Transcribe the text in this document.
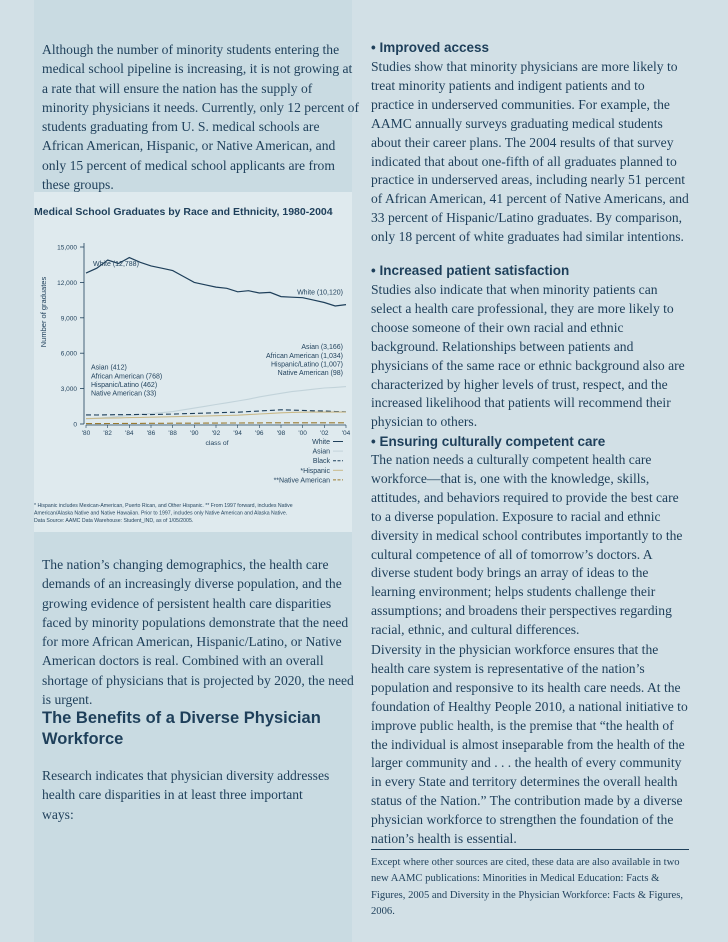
Although the number of minority students entering the medical school pipeline is increasing, it is not growing at a rate that will ensure the nation has the supply of minority physicians it needs. Currently, only 12 percent of students graduating from U. S. medical schools are African American, Hispanic, or Native American, and only 15 percent of medical school applicants are from these groups.

Medical School Graduates by Race and Ethnicity, 1980-2004
Number of graduates
15,000
12,000
9,000
6,000
3,000
0
'80 '82 '84 '86 '88 '90 '92 '94 '96 '98 '00 '02 '04
class of
White (12,788)
White (10,120)
Asian (3,166)
African American (1,034)
Hispanic/Latino (1,007)
Native American (98)
Asian (412)
African American (768)
Hispanic/Latino (462)
Native American (33)
White
Asian
Black
*Hispanic
**Native American
* Hispanic includes Mexican-American, Puerto Rican, and Other Hispanic. ** From 1997 forward, includes Native
American/Alaska Native and Native Hawaiian. Prior to 1997, includes only Native American and Alaska Native.
Data Source: AAMC Data Warehouse: Student_IND, as of 1/05/2005.

The nation’s changing demographics, the health care demands of an increasingly diverse population, and the growing evidence of persistent health care disparities faced by minority populations demonstrate that the need for more African American, Hispanic/Latino, or Native American doctors is real. Combined with an overall shortage of physicians that is projected by 2020, the need is urgent.

The Benefits of a Diverse Physician Workforce

Research indicates that physician diversity addresses health care disparities in at least three important ways:

• Improved access

Studies show that minority physicians are more likely to treat minority patients and indigent patients and to practice in underserved communities. For example, the AAMC annually surveys graduating medical students about their career plans. The 2004 results of that survey indicated that about one-fifth of all graduates planned to practice in underserved areas, including nearly 51 percent of African American, 41 percent of Native Americans, and 33 percent of Hispanic/Latino graduates. By comparison, only 18 percent of white graduates had similar intentions.

• Increased patient satisfaction

Studies also indicate that when minority patients can select a health care professional, they are more likely to choose someone of their own racial and ethnic background. Relationships between patients and physicians of the same race or ethnic background also are characterized by higher levels of trust, respect, and the increased likelihood that patients will recommend their physician to others.

• Ensuring culturally competent care

The nation needs a culturally competent health care workforce—that is, one with the knowledge, skills, attitudes, and behaviors required to provide the best care to a diverse population. Exposure to racial and ethnic diversity in medical school contributes importantly to the cultural competence of all of tomorrow’s doctors. A diverse student body brings an array of ideas to the learning environment; helps students challenge their assumptions; and broadens their perspectives regarding racial, ethnic, and cultural differences.

Diversity in the physician workforce ensures that the health care system is representative of the nation’s population and responsive to its health care needs. At the foundation of Healthy People 2010, a national initiative to improve public health, is the premise that “the health of the individual is almost inseparable from the health of the larger community and . . . the health of every community in every State and territory determines the overall health status of the Nation.” The contribution made by a diverse physician workforce to strengthen the foundation of the nation’s health is essential.

Except where other sources are cited, these data are also available in two new AAMC publications: Minorities in Medical Education: Facts & Figures, 2005 and Diversity in the Physician Workforce: Facts & Figures, 2006.
